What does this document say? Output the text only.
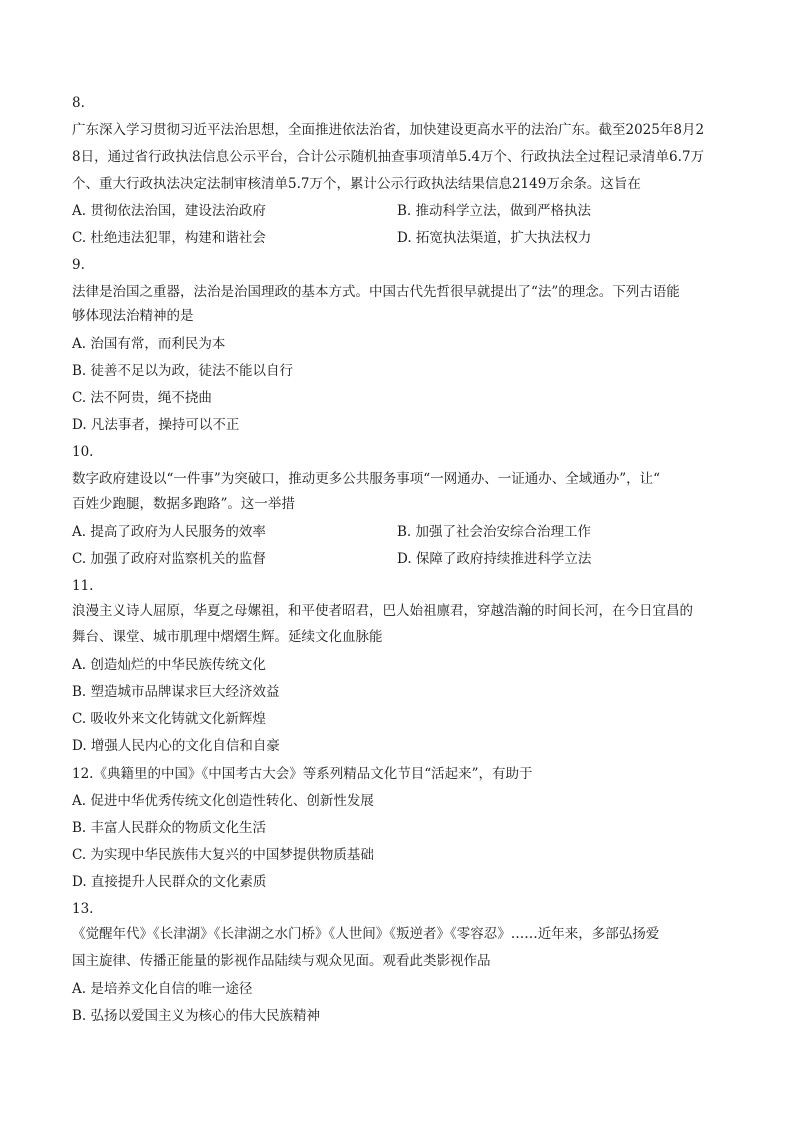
8.
广东深入学习贯彻习近平法治思想，全面推进依法治省，加快建设更高水平的法治广东。截至2025年8月2
8日，通过省行政执法信息公示平台，合计公示随机抽查事项清单5.4万个、行政执法全过程记录清单6.7万
个、重大行政执法决定法制审核清单5.7万个，累计公示行政执法结果信息2149万余条。这旨在
A. 贯彻依法治国，建设法治政府	B. 推动科学立法，做到严格执法
C. 杜绝违法犯罪，构建和谐社会	D. 拓宽执法渠道，扩大执法权力
9.
法律是治国之重器，法治是治国理政的基本方式。中国古代先哲很早就提出了“法”的理念。下列古语能
够体现法治精神的是
A. 治国有常，而利民为本
B. 徒善不足以为政，徒法不能以自行
C. 法不阿贵，绳不挠曲
D. 凡法事者，操持可以不正
10.
数字政府建设以“一件事”为突破口，推动更多公共服务事项“一网通办、一证通办、全域通办”，让“
百姓少跑腿，数据多跑路”。这一举措
A. 提高了政府为人民服务的效率	B. 加强了社会治安综合治理工作
C. 加强了政府对监察机关的监督	D. 保障了政府持续推进科学立法
11.
浪漫主义诗人屈原，华夏之母嫘祖，和平使者昭君，巴人始祖廪君，穿越浩瀚的时间长河，在今日宜昌的
舞台、课堂、城市肌理中熠熠生辉。延续文化血脉能
A. 创造灿烂的中华民族传统文化
B. 塑造城市品牌谋求巨大经济效益
C. 吸收外来文化铸就文化新辉煌
D. 增强人民内心的文化自信和自豪
12.《典籍里的中国》《中国考古大会》等系列精品文化节目“活起来”，有助于
A. 促进中华优秀传统文化创造性转化、创新性发展
B. 丰富人民群众的物质文化生活
C. 为实现中华民族伟大复兴的中国梦提供物质基础
D. 直接提升人民群众的文化素质
13.
《觉醒年代》《长津湖》《长津湖之水门桥》《人世间》《叛逆者》《零容忍》……近年来，多部弘扬爱
国主旋律、传播正能量的影视作品陆续与观众见面。观看此类影视作品
A. 是培养文化自信的唯一途径
B. 弘扬以爱国主义为核心的伟大民族精神
